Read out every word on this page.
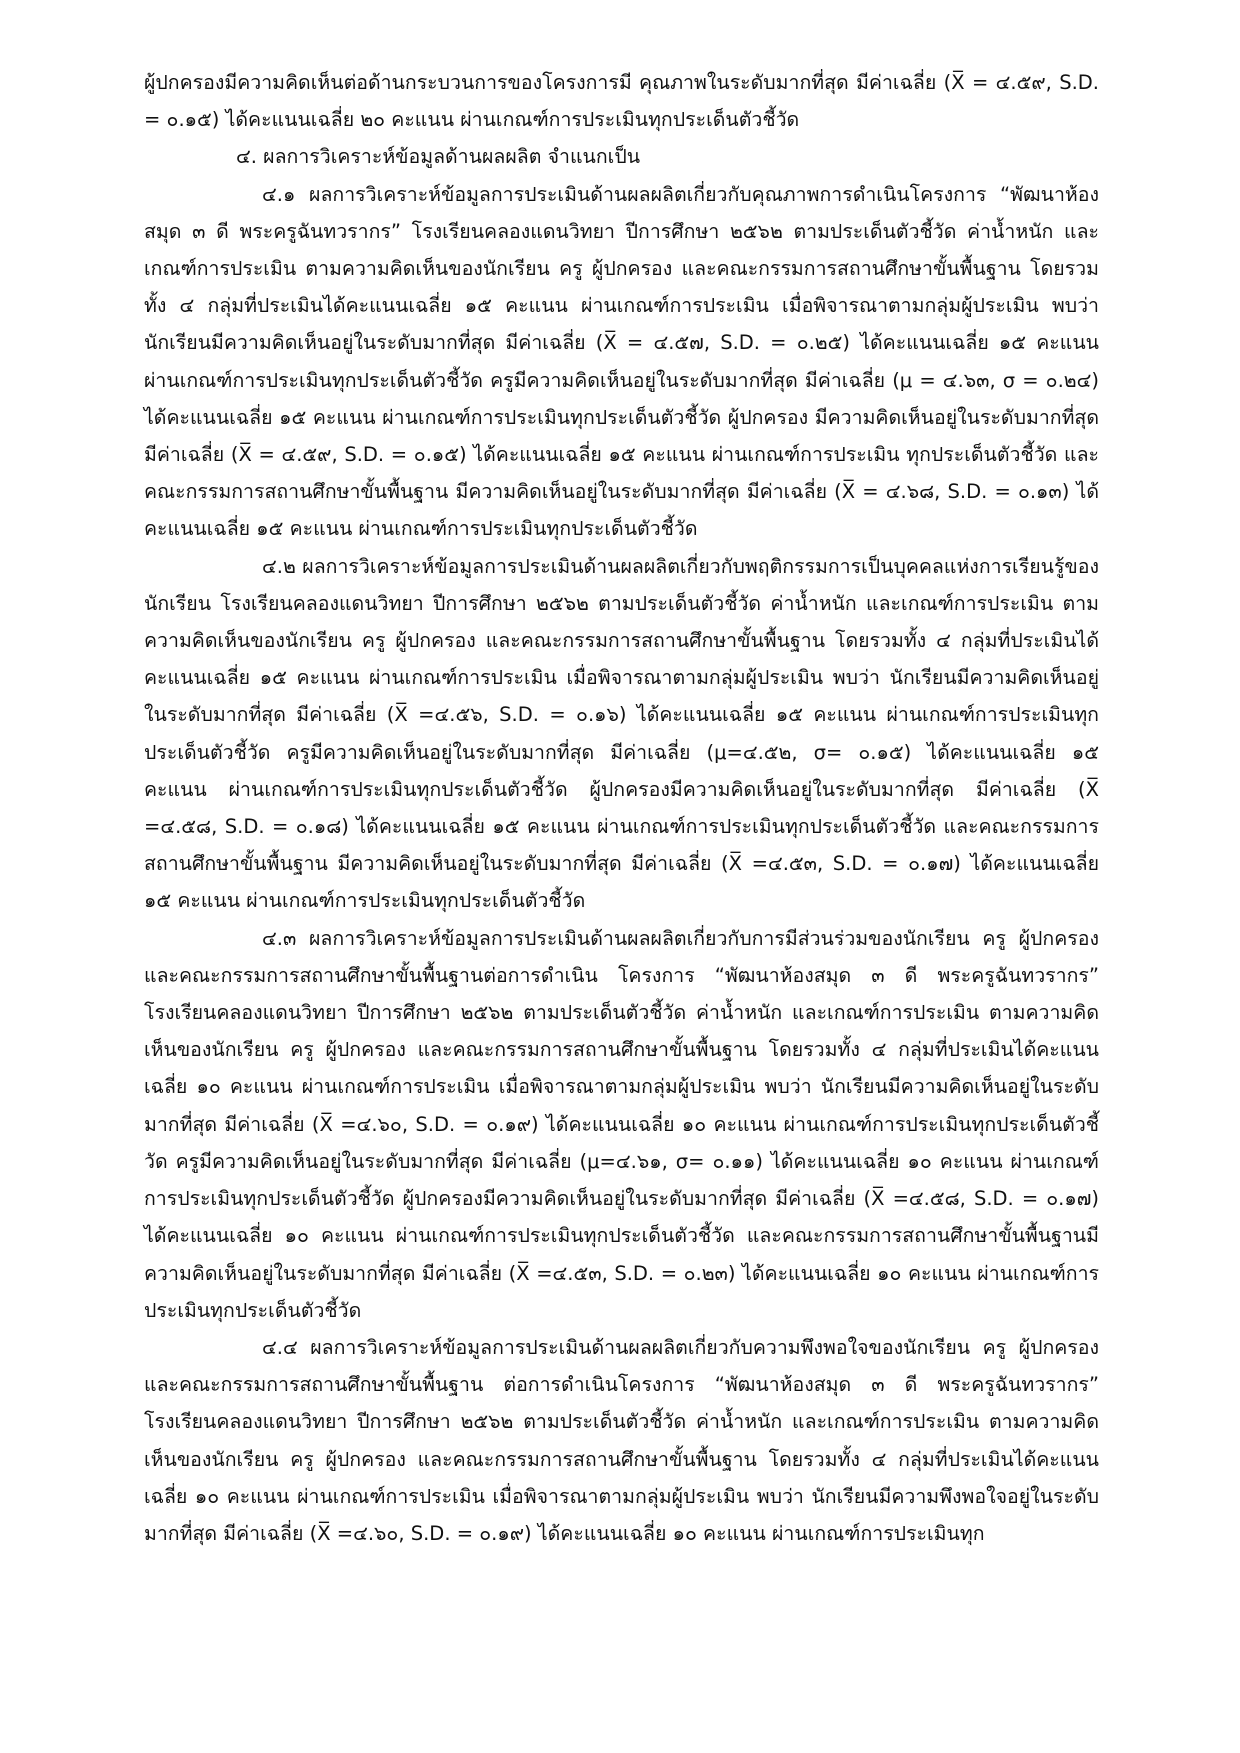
ผู้ปกครองมีความคิดเห็นต่อด้านกระบวนการของโครงการมี คุณภาพในระดับมากที่สุด มีค่าเฉลี่ย (X̅ = ๔.๕๙, S.D. = ๐.๑๕) ได้คะแนนเฉลี่ย ๒๐ คะแนน ผ่านเกณฑ์การประเมินทุกประเด็นตัวชี้วัด

๔. ผลการวิเคราะห์ข้อมูลด้านผลผลิต จำแนกเป็น

๔.๑ ผลการวิเคราะห์ข้อมูลการประเมินด้านผลผลิตเกี่ยวกับคุณภาพการดำเนินโครงการ “พัฒนาห้องสมุด ๓ ดี พระครูฉันทวรากร” โรงเรียนคลองแดนวิทยา ปีการศึกษา ๒๕๖๒ ตามประเด็นตัวชี้วัด ค่าน้ำหนัก และเกณฑ์การประเมิน ตามความคิดเห็นของนักเรียน ครู ผู้ปกครอง และคณะกรรมการสถานศึกษาขั้นพื้นฐาน โดยรวมทั้ง ๔ กลุ่มที่ประเมินได้คะแนนเฉลี่ย ๑๕ คะแนน ผ่านเกณฑ์การประเมิน เมื่อพิจารณาตามกลุ่มผู้ประเมิน พบว่า นักเรียนมีความคิดเห็นอยู่ในระดับมากที่สุด มีค่าเฉลี่ย (X̅ = ๔.๕๗, S.D. = ๐.๒๕) ได้คะแนนเฉลี่ย ๑๕ คะแนน ผ่านเกณฑ์การประเมินทุกประเด็นตัวชี้วัด ครูมีความคิดเห็นอยู่ในระดับมากที่สุด มีค่าเฉลี่ย (μ = ๔.๖๓, σ = ๐.๒๔) ได้คะแนนเฉลี่ย ๑๕ คะแนน ผ่านเกณฑ์การประเมินทุกประเด็นตัวชี้วัด ผู้ปกครอง มีความคิดเห็นอยู่ในระดับมากที่สุด มีค่าเฉลี่ย (X̅ = ๔.๕๙, S.D. = ๐.๑๕) ได้คะแนนเฉลี่ย ๑๕ คะแนน ผ่านเกณฑ์การประเมิน ทุกประเด็นตัวชี้วัด และคณะกรรมการสถานศึกษาขั้นพื้นฐาน มีความคิดเห็นอยู่ในระดับมากที่สุด มีค่าเฉลี่ย (X̅ = ๔.๖๘, S.D. = ๐.๑๓) ได้คะแนนเฉลี่ย ๑๕ คะแนน ผ่านเกณฑ์การประเมินทุกประเด็นตัวชี้วัด

๔.๒ ผลการวิเคราะห์ข้อมูลการประเมินด้านผลผลิตเกี่ยวกับพฤติกรรมการเป็นบุคคลแห่งการเรียนรู้ของนักเรียน โรงเรียนคลองแดนวิทยา ปีการศึกษา ๒๕๖๒ ตามประเด็นตัวชี้วัด ค่าน้ำหนัก และเกณฑ์การประเมิน ตามความคิดเห็นของนักเรียน ครู ผู้ปกครอง และคณะกรรมการสถานศึกษาขั้นพื้นฐาน โดยรวมทั้ง ๔ กลุ่มที่ประเมินได้คะแนนเฉลี่ย ๑๕ คะแนน ผ่านเกณฑ์การประเมิน เมื่อพิจารณาตามกลุ่มผู้ประเมิน พบว่า นักเรียนมีความคิดเห็นอยู่ในระดับมากที่สุด มีค่าเฉลี่ย (X̅ =๔.๕๖, S.D. = ๐.๑๖) ได้คะแนนเฉลี่ย ๑๕ คะแนน ผ่านเกณฑ์การประเมินทุกประเด็นตัวชี้วัด ครูมีความคิดเห็นอยู่ในระดับมากที่สุด มีค่าเฉลี่ย (μ=๔.๕๒, σ= ๐.๑๕) ได้คะแนนเฉลี่ย ๑๕ คะแนน ผ่านเกณฑ์การประเมินทุกประเด็นตัวชี้วัด ผู้ปกครองมีความคิดเห็นอยู่ในระดับมากที่สุด มีค่าเฉลี่ย (X̅ =๔.๕๘, S.D. = ๐.๑๘) ได้คะแนนเฉลี่ย ๑๕ คะแนน ผ่านเกณฑ์การประเมินทุกประเด็นตัวชี้วัด และคณะกรรมการสถานศึกษาขั้นพื้นฐาน มีความคิดเห็นอยู่ในระดับมากที่สุด มีค่าเฉลี่ย (X̅ =๔.๕๓, S.D. = ๐.๑๗) ได้คะแนนเฉลี่ย ๑๕ คะแนน ผ่านเกณฑ์การประเมินทุกประเด็นตัวชี้วัด

๔.๓ ผลการวิเคราะห์ข้อมูลการประเมินด้านผลผลิตเกี่ยวกับการมีส่วนร่วมของนักเรียน ครู ผู้ปกครอง และคณะกรรมการสถานศึกษาขั้นพื้นฐานต่อการดำเนิน โครงการ “พัฒนาห้องสมุด ๓ ดี พระครูฉันทวรากร” โรงเรียนคลองแดนวิทยา ปีการศึกษา ๒๕๖๒ ตามประเด็นตัวชี้วัด ค่าน้ำหนัก และเกณฑ์การประเมิน ตามความคิดเห็นของนักเรียน ครู ผู้ปกครอง และคณะกรรมการสถานศึกษาขั้นพื้นฐาน โดยรวมทั้ง ๔ กลุ่มที่ประเมินได้คะแนนเฉลี่ย ๑๐ คะแนน ผ่านเกณฑ์การประเมิน เมื่อพิจารณาตามกลุ่มผู้ประเมิน พบว่า นักเรียนมีความคิดเห็นอยู่ในระดับมากที่สุด มีค่าเฉลี่ย (X̅ =๔.๖๐, S.D. = ๐.๑๙) ได้คะแนนเฉลี่ย ๑๐ คะแนน ผ่านเกณฑ์การประเมินทุกประเด็นตัวชี้วัด ครูมีความคิดเห็นอยู่ในระดับมากที่สุด มีค่าเฉลี่ย (μ=๔.๖๑, σ= ๐.๑๑) ได้คะแนนเฉลี่ย ๑๐ คะแนน ผ่านเกณฑ์การประเมินทุกประเด็นตัวชี้วัด ผู้ปกครองมีความคิดเห็นอยู่ในระดับมากที่สุด มีค่าเฉลี่ย (X̅ =๔.๕๘, S.D. = ๐.๑๗) ได้คะแนนเฉลี่ย ๑๐ คะแนน ผ่านเกณฑ์การประเมินทุกประเด็นตัวชี้วัด และคณะกรรมการสถานศึกษาขั้นพื้นฐานมีความคิดเห็นอยู่ในระดับมากที่สุด มีค่าเฉลี่ย (X̅ =๔.๕๓, S.D. = ๐.๒๓) ได้คะแนนเฉลี่ย ๑๐ คะแนน ผ่านเกณฑ์การประเมินทุกประเด็นตัวชี้วัด

๔.๔ ผลการวิเคราะห์ข้อมูลการประเมินด้านผลผลิตเกี่ยวกับความพึงพอใจของนักเรียน ครู ผู้ปกครอง และคณะกรรมการสถานศึกษาขั้นพื้นฐาน ต่อการดำเนินโครงการ “พัฒนาห้องสมุด ๓ ดี พระครูฉันทวรากร” โรงเรียนคลองแดนวิทยา ปีการศึกษา ๒๕๖๒ ตามประเด็นตัวชี้วัด ค่าน้ำหนัก และเกณฑ์การประเมิน ตามความคิดเห็นของนักเรียน ครู ผู้ปกครอง และคณะกรรมการสถานศึกษาขั้นพื้นฐาน โดยรวมทั้ง ๔ กลุ่มที่ประเมินได้คะแนนเฉลี่ย ๑๐ คะแนน ผ่านเกณฑ์การประเมิน เมื่อพิจารณาตามกลุ่มผู้ประเมิน พบว่า นักเรียนมีความพึงพอใจอยู่ในระดับมากที่สุด มีค่าเฉลี่ย (X̅ =๔.๖๐, S.D. = ๐.๑๙) ได้คะแนนเฉลี่ย ๑๐ คะแนน ผ่านเกณฑ์การประเมินทุก
